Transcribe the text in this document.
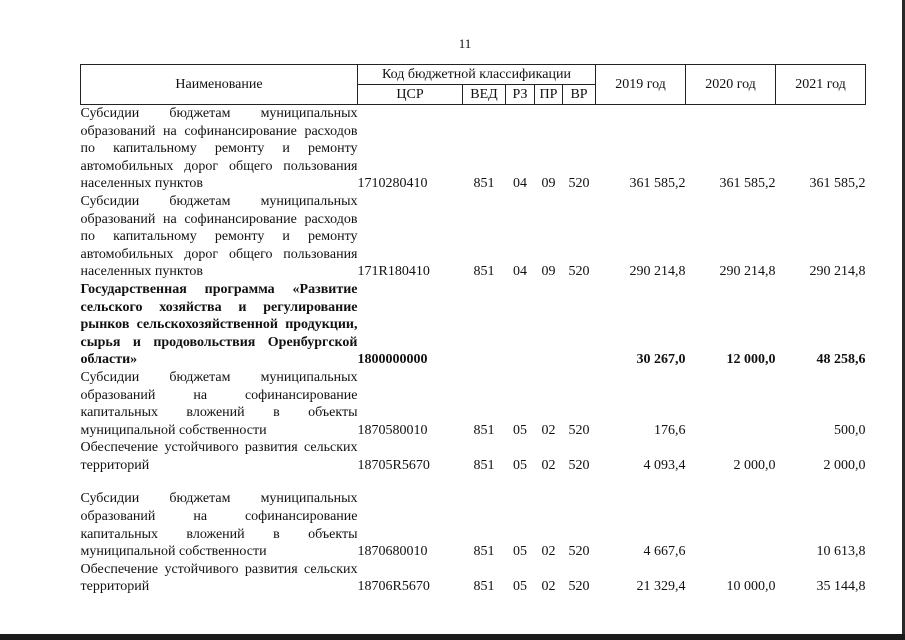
11
Наименование	Код бюджетной классификации					2019 год	2020 год	2021 год
	ЦСР	ВЕД	РЗ	ПР	ВР			
Субсидии бюджетам муниципальных образований на софинансирование расходов по капитальному ремонту и ремонту автомобильных дорог общего пользования населенных пунктов	1710280410	851	04	09	520	361 585,2	361 585,2	361 585,2
Субсидии бюджетам муниципальных образований на софинансирование расходов по капитальному ремонту и ремонту автомобильных дорог общего пользования населенных пунктов	171R180410	851	04	09	520	290 214,8	290 214,8	290 214,8
Государственная программа «Развитие сельского хозяйства и регулирование рынков сельскохозяйственной продукции, сырья и продовольствия Оренбургской области»	1800000000					30 267,0	12 000,0	48 258,6
Субсидии бюджетам муниципальных образований на софинансирование капитальных вложений в объекты муниципальной собственности	1870580010	851	05	02	520	176,6		500,0
Обеспечение устойчивого развития сельских территорий	18705R5670	851	05	02	520	4 093,4	2 000,0	2 000,0

Субсидии бюджетам муниципальных образований на софинансирование капитальных вложений в объекты муниципальной собственности	1870680010	851	05	02	520	4 667,6		10 613,8
Обеспечение устойчивого развития сельских территорий	18706R5670	851	05	02	520	21 329,4	10 000,0	35 144,8
